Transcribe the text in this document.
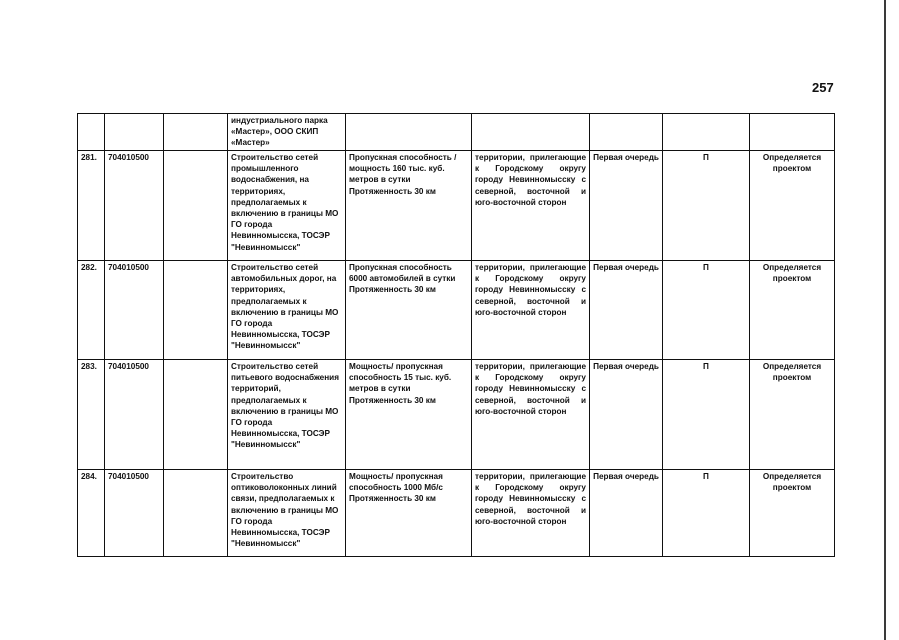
257
			индустриального парка «Мастер», ООО СКИП «Мастер»					
281.	704010500		Строительство сетей промышленного водоснабжения, на территориях, предполагаемых к включению в границы МО ГО города Невинномысска, ТОСЭР "Невинномысск"	Пропускная способность / мощность 160 тыс. куб. метров в сутки Протяженность 30 км	территории, прилегающие к Городскому округу городу Невинномысску с северной, восточной и юго-восточной сторон	Первая очередь	П	Определяется проектом
282.	704010500		Строительство сетей автомобильных дорог, на территориях, предполагаемых к включению в границы МО ГО города Невинномысска, ТОСЭР "Невинномысск"	Пропускная способность 6000 автомобилей в сутки Протяженность 30 км	территории, прилегающие к Городскому округу городу Невинномысску с северной, восточной и юго-восточной сторон	Первая очередь	П	Определяется проектом
283.	704010500		Строительство сетей питьевого водоснабжения территорий, предполагаемых к включению в границы МО ГО города Невинномысска, ТОСЭР "Невинномысск"	Мощность/ пропускная способность 15 тыс. куб. метров в сутки Протяженность 30 км	территории, прилегающие к Городскому округу городу Невинномысску с северной, восточной и юго-восточной сторон	Первая очередь	П	Определяется проектом
284.	704010500		Строительство оптиковолоконных линий связи, предполагаемых к включению в границы МО ГО города Невинномысска, ТОСЭР "Невинномысск"	Мощность/ пропускная способность 1000 Мб/с Протяженность 30 км	территории, прилегающие к Городскому округу городу Невинномысску с северной, восточной и юго-восточной сторон	Первая очередь	П	Определяется проектом
